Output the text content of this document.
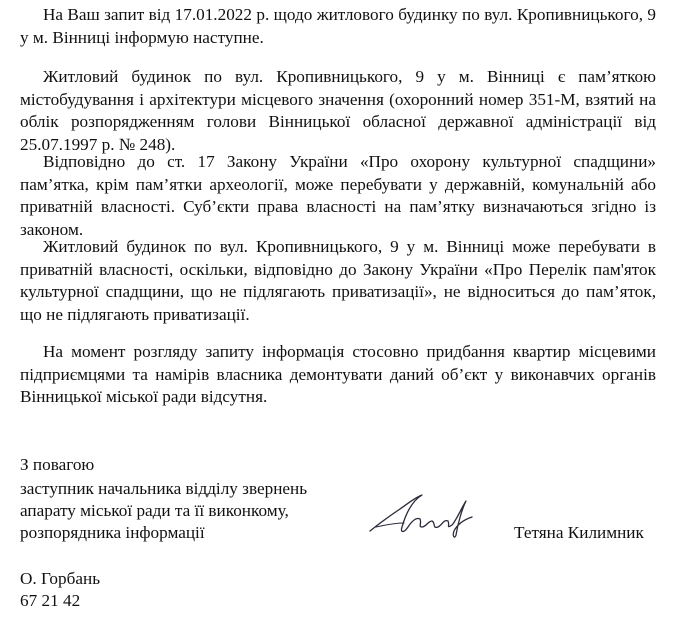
На Ваш запит від 17.01.2022 р. щодо житлового будинку по вул. Кропивницького, 9 у м. Вінниці інформую наступне.

Житловий будинок по вул. Кропивницького, 9 у м. Вінниці є пам’яткою містобудування і архітектури місцевого значення (охоронний номер 351-М, взятий на облік розпорядженням голови Вінницької обласної державної адміністрації від 25.07.1997 р. № 248).

Відповідно до ст. 17 Закону України «Про охорону культурної спадщини» пам’ятка, крім пам’ятки археології, може перебувати у державній, комунальній або приватній власності. Суб’єкти права власності на пам’ятку визначаються згідно із законом.

Житловий будинок по вул. Кропивницького, 9 у м. Вінниці може перебувати в приватній власності, оскільки, відповідно до Закону України «Про Перелік пам'яток культурної спадщини, що не підлягають приватизації», не відноситься до пам’яток, що не підлягають приватизації.

На момент розгляду запиту інформація стосовно придбання квартир місцевими підприємцями та намірів власника демонтувати даний об’єкт у виконавчих органів Вінницької міської ради відсутня.

З повагою
заступник начальника відділу звернень
апарату міської ради та її виконкому,
розпорядника інформації	Тетяна Килимник
О. Горбань
67 21 42
